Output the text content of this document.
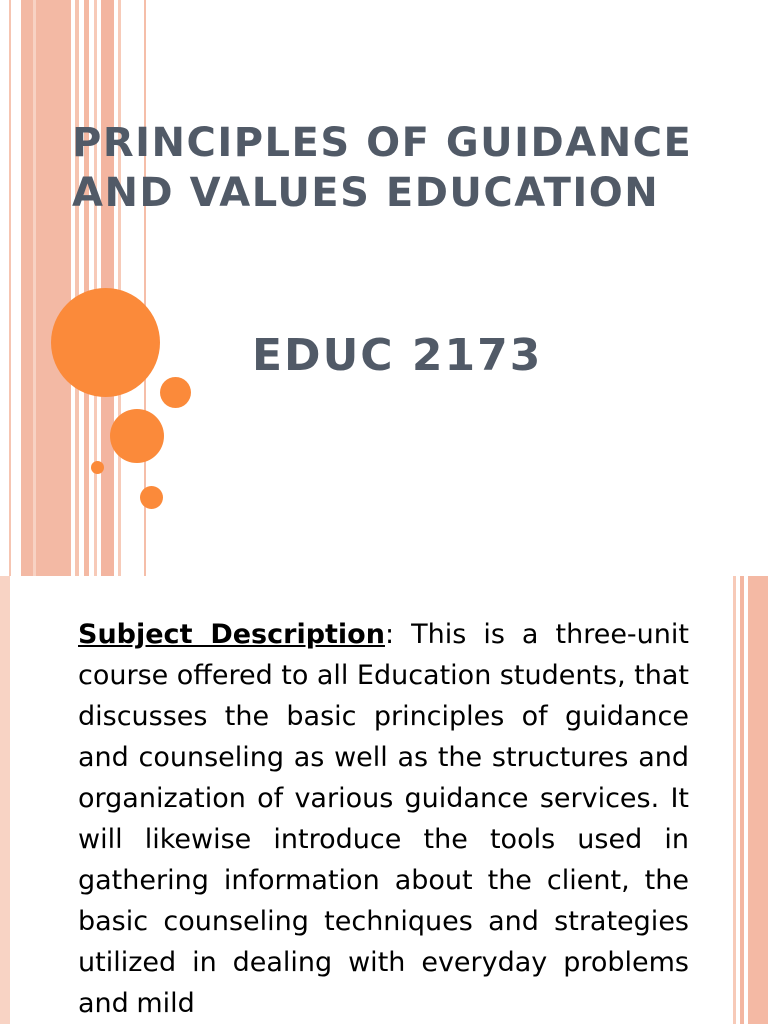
PRINCIPLES OF GUIDANCE AND VALUES EDUCATION
EDUC 2173

Subject Description: This is a three-unit course offered to all Education students, that discusses the basic principles of guidance and counseling as well as the structures and organization of various guidance services. It will likewise introduce the tools used in gathering information about the client, the basic counseling techniques and strategies utilized in dealing with everyday problems and mild
